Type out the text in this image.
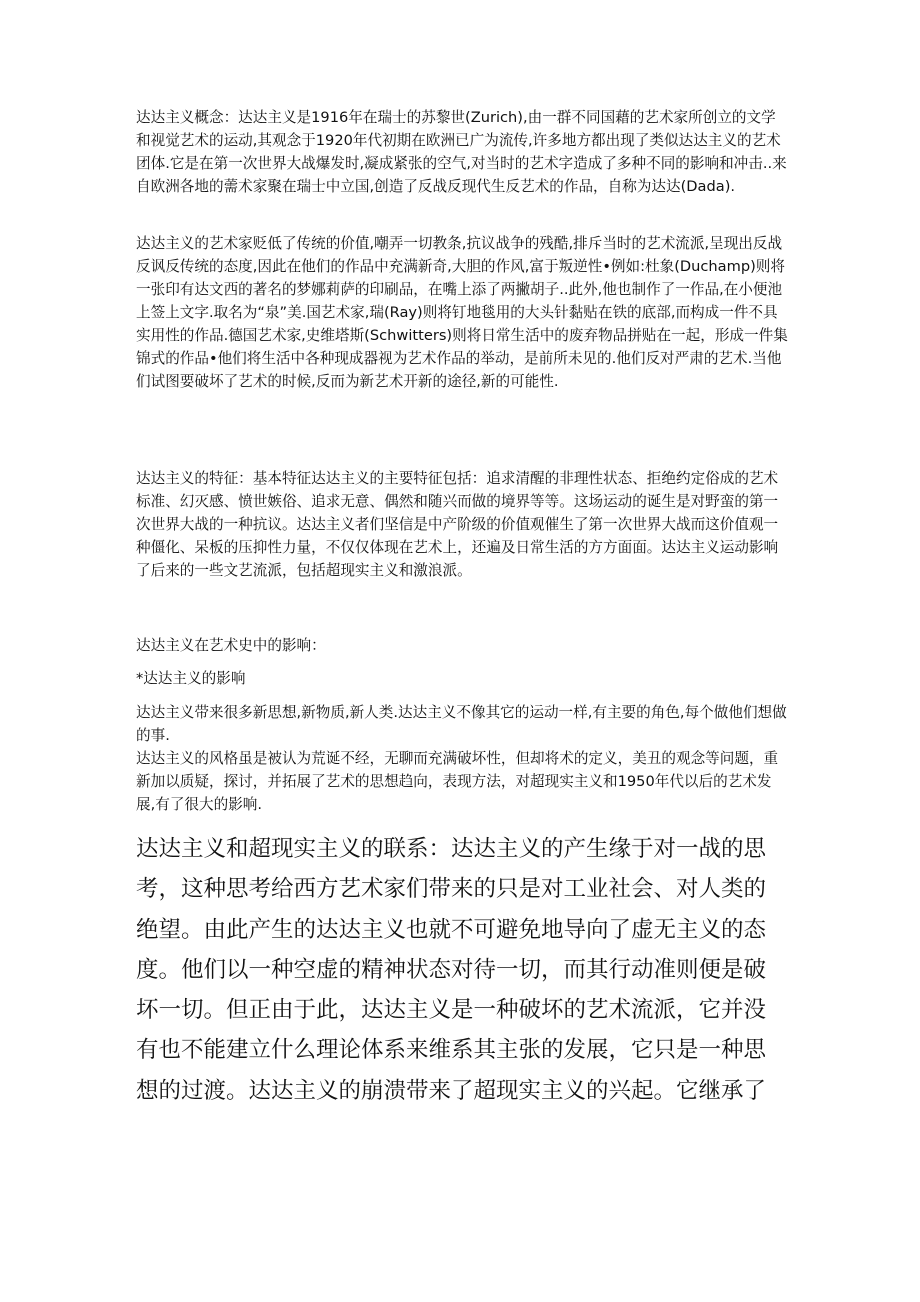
达达主义概念：达达主义是1916年在瑞士的苏黎世(Zurich),由一群不同国藉的艺术家所创立的文学和视觉艺术的运动,其观念于1920年代初期在欧洲已广为流传,许多地方都出现了类似达达主义的艺术团体.它是在第一次世界大战爆发时,凝成紧张的空气,对当时的艺术字造成了多种不同的影响和冲击..来自欧洲各地的薷术家聚在瑞士中立国,创造了反战反现代生反艺术的作品，自称为达达(Dada).

达达主义的艺术家贬低了传统的价值,嘲弄一切教条,抗议战争的残酷,排斥当时的艺术流派,呈现出反战反讽反传统的态度,因此在他们的作品中充满新奇,大胆的作风,富于叛逆性•例如:杜象(Duchamp)则将一张印有达文西的著名的梦娜莉萨的印刷品，在嘴上添了两撇胡子..此外,他也制作了一作品,在小便池上签上文字.取名为“泉”美.国艺术家,瑞(Ray)则将钉地毯用的大头针黏贴在铁的底部,而构成一件不具实用性的作品.德国艺术家,史维塔斯(Schwitters)则将日常生活中的废弃物品拼贴在一起，形成一件集锦式的作品•他们将生活中各种现成器视为艺术作品的举动，是前所未见的.他们反对严肃的艺术.当他们试图要破坏了艺术的时候,反而为新艺术开新的途径,新的可能性.

达达主义的特征：基本特征达达主义的主要特征包括：追求清醒的非理性状态、拒绝约定俗成的艺术标准、幻灭感、愤世嫉俗、追求无意、偶然和随兴而做的境界等等。这场运动的诞生是对野蛮的第一次世界大战的一种抗议。达达主义者们坚信是中产阶级的价值观催生了第一次世界大战而这价值观一种僵化、呆板的压抑性力量，不仅仅体现在艺术上，还遍及日常生活的方方面面。达达主义运动影响了后来的一些文艺流派，包括超现实主义和激浪派。

达达主义在艺术史中的影响：

*达达主义的影响

达达主义带来很多新思想,新物质,新人类.达达主义不像其它的运动一样,有主要的角色,每个做他们想做的事.

达达主义的风格虽是被认为荒诞不经，无聊而充满破坏性，但却将术的定义，美丑的观念等问题，重新加以质疑，探讨，并拓展了艺术的思想趋向，表现方法，对超现实主义和1950年代以后的艺术发展,有了很大的影响.

达达主义和超现实主义的联系：达达主义的产生缘于对一战的思考，这种思考给西方艺术家们带来的只是对工业社会、对人类的绝望。由此产生的达达主义也就不可避免地导向了虚无主义的态度。他们以一种空虚的精神状态对待一切，而其行动准则便是破坏一切。但正由于此，达达主义是一种破坏的艺术流派，它并没有也不能建立什么理论体系来维系其主张的发展，它只是一种思想的过渡。达达主义的崩溃带来了超现实主义的兴起。它继承了
